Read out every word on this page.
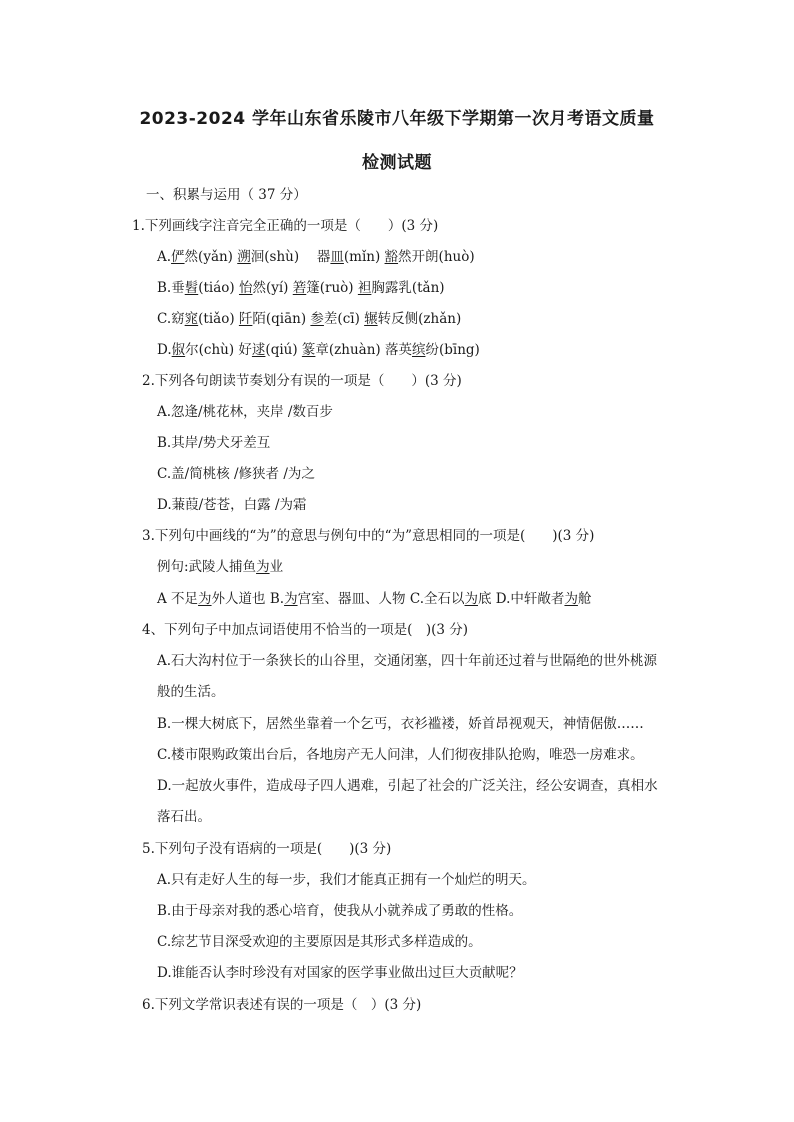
2023-2024 学年山东省乐陵市八年级下学期第一次月考语文质量
检测试题
一、积累与运用（ 37 分）
1.下列画线字注音完全正确的一项是（　　）(3 分)
A.俨然(yǎn) 溯洄(shù)　 器皿(mǐn) 豁然开朗(huò)
B.垂髫(tiáo) 怡然(yí) 箬篷(ruò) 袒胸露乳(tǎn)
C.窈窕(tiǎo) 阡陌(qiān) 参差(cī) 辗转反侧(zhǎn)
D.俶尔(chù) 好逑(qiú) 篆章(zhuàn) 落英缤纷(bīng)
2.下列各句朗读节奏划分有误的一项是（　　）(3 分)
A.忽逢/桃花林，夹岸 /数百步
B.其岸/势犬牙差互
C.盖/简桃核 /修狭者 /为之
D.蒹葭/苍苍，白露 /为霜
3.下列句中画线的“为”的意思与例句中的“为”意思相同的一项是(　　)(3 分)
例句:武陵人捕鱼为业
A 不足为外人道也 B.为宫室、器皿、人物 C.全石以为底 D.中轩敞者为舱
4、下列句子中加点词语使用不恰当的一项是(　)(3 分)
A.石大沟村位于一条狭长的山谷里，交通闭塞，四十年前还过着与世隔绝的世外桃源
般的生活。
B.一棵大树底下，居然坐靠着一个乞丐，衣衫褴褛，娇首昂视观天，神情倨傲……
C.楼市限购政策出台后，各地房产无人问津，人们彻夜排队抢购，唯恐一房难求。
D.一起放火事件，造成母子四人遇难，引起了社会的广泛关注，经公安调查，真相水
落石出。
5.下列句子没有语病的一项是(　　)(3 分)
A.只有走好人生的每一步，我们才能真正拥有一个灿烂的明天。
B.由于母亲对我的悉心培育，使我从小就养成了勇敢的性格。
C.综艺节目深受欢迎的主要原因是其形式多样造成的。
D.谁能否认李时珍没有对国家的医学事业做出过巨大贡献呢？
6.下列文学常识表述有误的一项是（　）(3 分)
